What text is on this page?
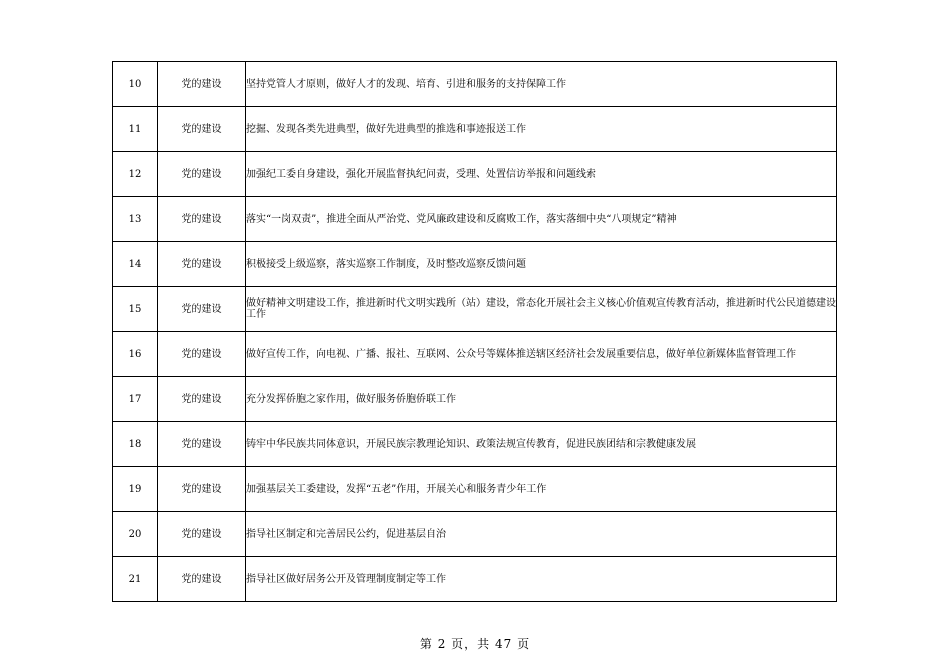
10	党的建设	坚持党管人才原则，做好人才的发现、培育、引进和服务的支持保障工作
11	党的建设	挖掘、发现各类先进典型，做好先进典型的推选和事迹报送工作
12	党的建设	加强纪工委自身建设，强化开展监督执纪问责，受理、处置信访举报和问题线索
13	党的建设	落实“一岗双责”，推进全面从严治党、党风廉政建设和反腐败工作，落实落细中央“八项规定”精神
14	党的建设	积极接受上级巡察，落实巡察工作制度，及时整改巡察反馈问题
15	党的建设	做好精神文明建设工作，推进新时代文明实践所（站）建设，常态化开展社会主义核心价值观宣传教育活动，推进新时代公民道德建设工作
16	党的建设	做好宣传工作，向电视、广播、报社、互联网、公众号等媒体推送辖区经济社会发展重要信息，做好单位新媒体监督管理工作
17	党的建设	充分发挥侨胞之家作用，做好服务侨胞侨联工作
18	党的建设	铸牢中华民族共同体意识，开展民族宗教理论知识、政策法规宣传教育，促进民族团结和宗教健康发展
19	党的建设	加强基层关工委建设，发挥“五老”作用，开展关心和服务青少年工作
20	党的建设	指导社区制定和完善居民公约，促进基层自治
21	党的建设	指导社区做好居务公开及管理制度制定等工作
第 2 页，共 47 页
